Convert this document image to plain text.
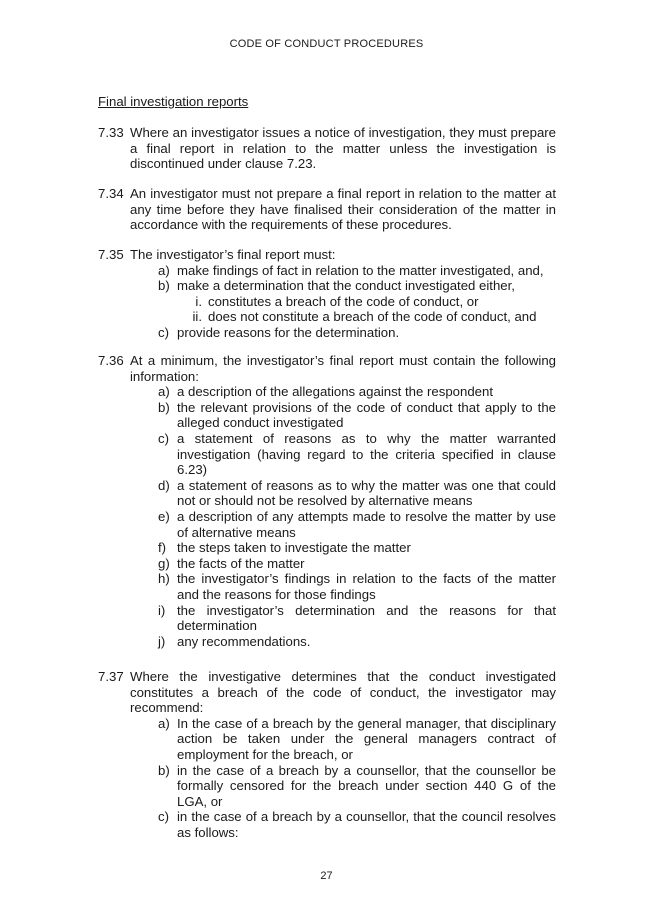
CODE OF CONDUCT PROCEDURES
Final investigation reports
7.33 Where an investigator issues a notice of investigation, they must prepare a final report in relation to the matter unless the investigation is discontinued under clause 7.23.
7.34 An investigator must not prepare a final report in relation to the matter at any time before they have finalised their consideration of the matter in accordance with the requirements of these procedures.
7.35 The investigator’s final report must:
a) make findings of fact in relation to the matter investigated, and,
b) make a determination that the conduct investigated either,
i. constitutes a breach of the code of conduct, or
ii. does not constitute a breach of the code of conduct, and
c) provide reasons for the determination.
7.36 At a minimum, the investigator’s final report must contain the following information:
a) a description of the allegations against the respondent
b) the relevant provisions of the code of conduct that apply to the alleged conduct investigated
c) a statement of reasons as to why the matter warranted investigation (having regard to the criteria specified in clause 6.23)
d) a statement of reasons as to why the matter was one that could not or should not be resolved by alternative means
e) a description of any attempts made to resolve the matter by use of alternative means
f) the steps taken to investigate the matter
g) the facts of the matter
h) the investigator’s findings in relation to the facts of the matter and the reasons for those findings
i) the investigator’s determination and the reasons for that determination
j) any recommendations.
7.37 Where the investigative determines that the conduct investigated constitutes a breach of the code of conduct, the investigator may recommend:
a) In the case of a breach by the general manager, that disciplinary action be taken under the general managers contract of employment for the breach, or
b) in the case of a breach by a counsellor, that the counsellor be formally censored for the breach under section 440 G of the LGA, or
c) in the case of a breach by a counsellor, that the council resolves as follows:
27
